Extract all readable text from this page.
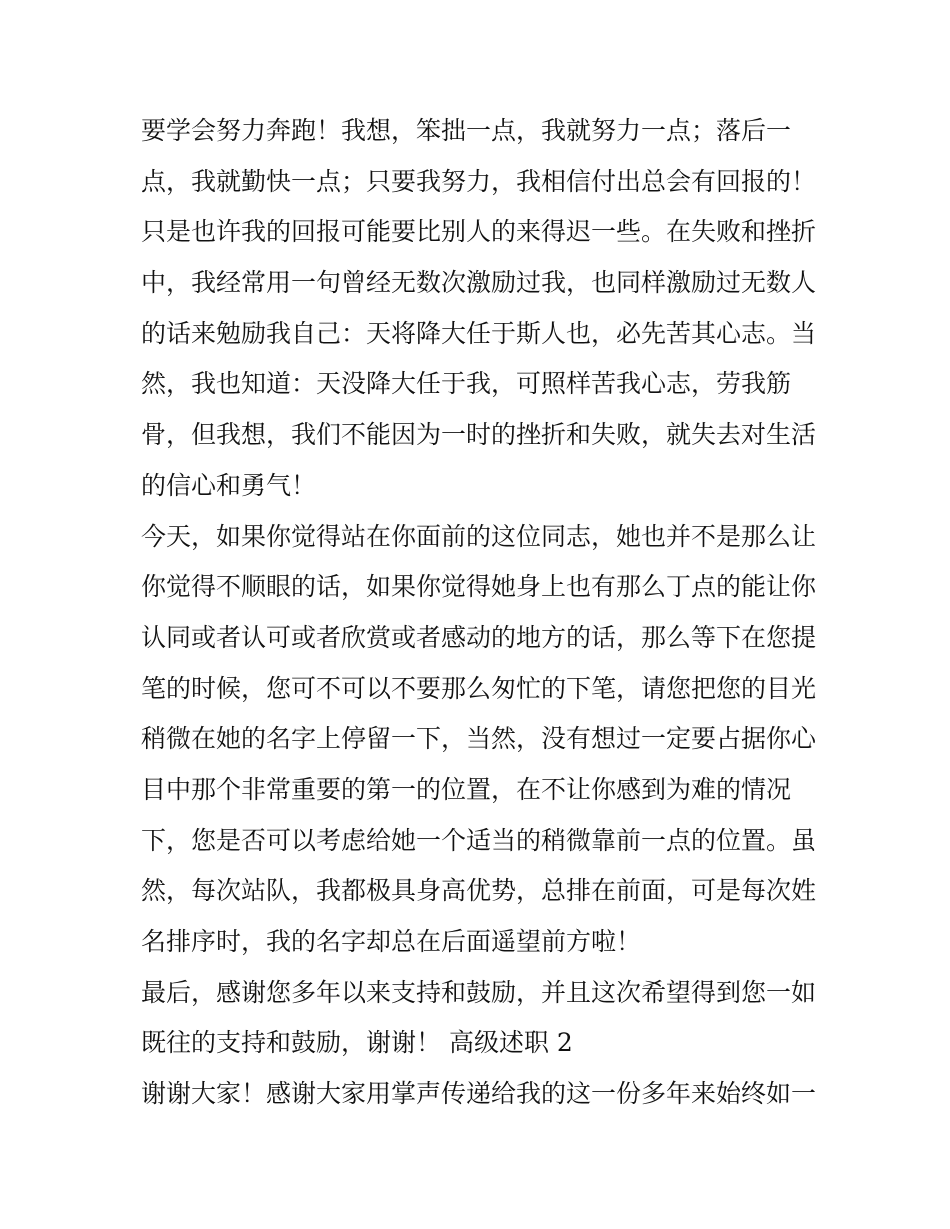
要学会努力奔跑！我想，笨拙一点，我就努力一点；落后一
点，我就勤快一点；只要我努力，我相信付出总会有回报的！
只是也许我的回报可能要比别人的来得迟一些。在失败和挫折
中，我经常用一句曾经无数次激励过我，也同样激励过无数人
的话来勉励我自己：天将降大任于斯人也，必先苦其心志。当
然，我也知道：天没降大任于我，可照样苦我心志，劳我筋
骨，但我想，我们不能因为一时的挫折和失败，就失去对生活
的信心和勇气！
今天，如果你觉得站在你面前的这位同志，她也并不是那么让
你觉得不顺眼的话，如果你觉得她身上也有那么丁点的能让你
认同或者认可或者欣赏或者感动的地方的话，那么等下在您提
笔的时候，您可不可以不要那么匆忙的下笔，请您把您的目光
稍微在她的名字上停留一下，当然，没有想过一定要占据你心
目中那个非常重要的第一的位置，在不让你感到为难的情况
下，您是否可以考虑给她一个适当的稍微靠前一点的位置。虽
然，每次站队，我都极具身高优势，总排在前面，可是每次姓
名排序时，我的名字却总在后面遥望前方啦！
最后，感谢您多年以来支持和鼓励，并且这次希望得到您一如
既往的支持和鼓励，谢谢！ 高级述职 2
谢谢大家！感谢大家用掌声传递给我的这一份多年来始终如一
